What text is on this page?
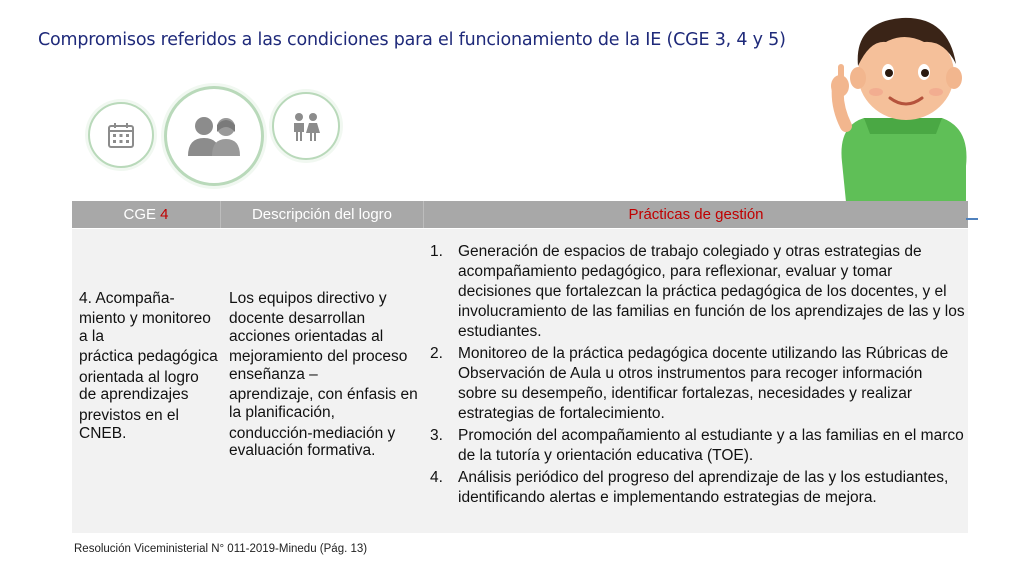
Compromisos referidos a las condiciones para el funcionamiento de la IE (CGE 3, 4 y 5)
CGE
4	Descripción del logro	Prácticas de gestión
4. Acompaña-
miento y monitoreo a la
práctica pedagógica
orientada al logro de aprendizajes
previstos en el CNEB.
Los equipos directivo y
docente desarrollan acciones orientadas al
mejoramiento del proceso enseñanza –
aprendizaje, con énfasis en la planificación,
conducción-mediación y evaluación formativa.
1. Generación de espacios de trabajo colegiado y otras estrategias de acompañamiento pedagógico, para reflexionar, evaluar y tomar decisiones que fortalezcan la práctica pedagógica de los docentes, y el involucramiento de las familias en función de los aprendizajes de las y los estudiantes.
2. Monitoreo de la práctica pedagógica docente utilizando las Rúbricas de Observación de Aula u otros instrumentos para recoger información sobre su desempeño, identificar fortalezas, necesidades y realizar estrategias de fortalecimiento.
3. Promoción del acompañamiento al estudiante y a las familias en el marco de la tutoría y orientación educativa (TOE).
4. Análisis periódico del progreso del aprendizaje de las y los estudiantes, identificando alertas e implementando estrategias de mejora.
Resolución Viceministerial N° 011-2019-Minedu (Pág. 13)
